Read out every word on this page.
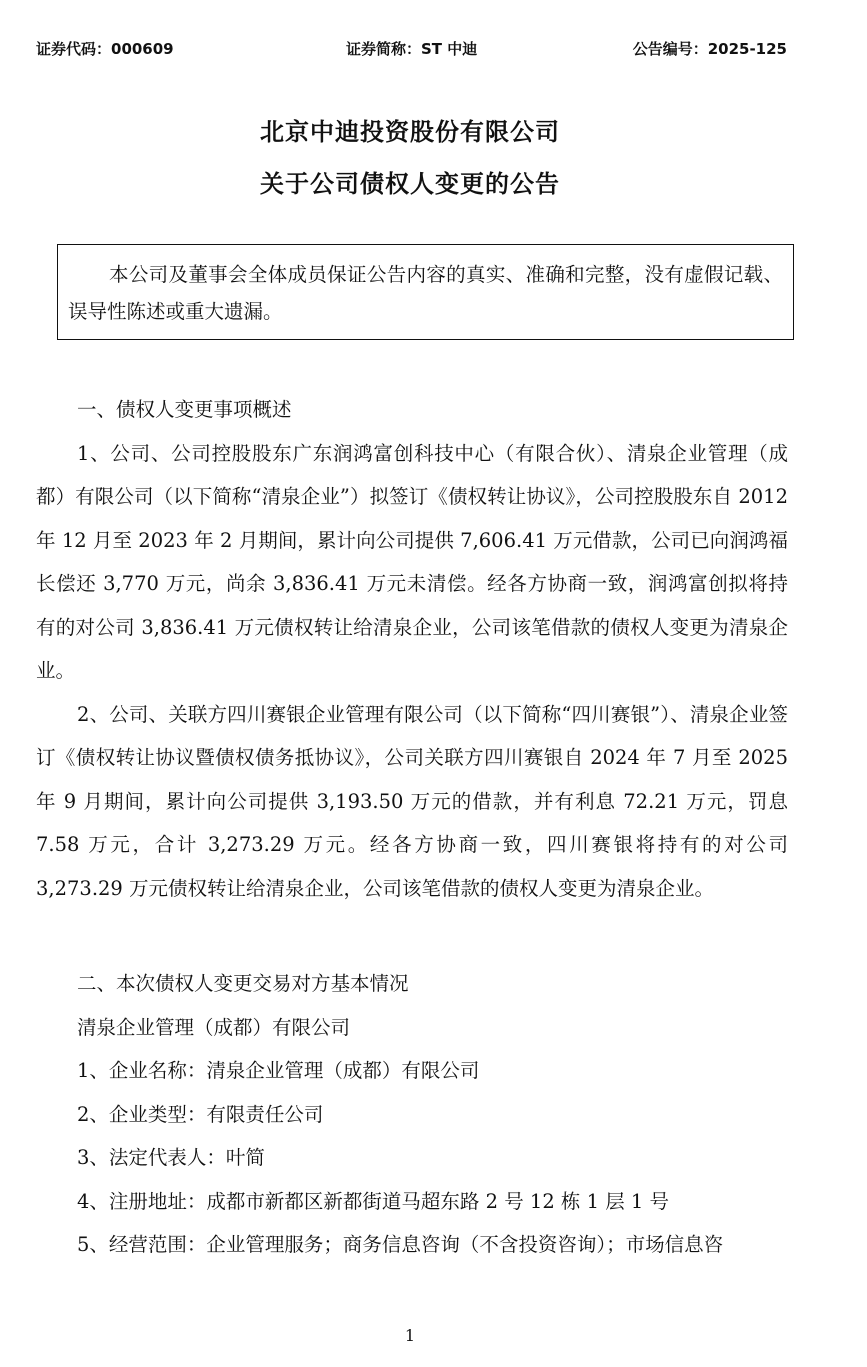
证券代码：000609	证券简称：ST 中迪	公告编号：2025-125
北京中迪投资股份有限公司
关于公司债权人变更的公告

本公司及董事会全体成员保证公告内容的真实、准确和完整，没有虚假记载、误导性陈述或重大遗漏。

一、债权人变更事项概述

1、公司、公司控股股东广东润鸿富创科技中心（有限合伙）、清泉企业管理（成都）有限公司（以下简称“清泉企业”）拟签订《债权转让协议》，公司控股股东自 2012 年 12 月至 2023 年 2 月期间，累计向公司提供 7,606.41 万元借款，公司已向润鸿福长偿还 3,770 万元，尚余 3,836.41 万元未清偿。经各方协商一致，润鸿富创拟将持有的对公司 3,836.41 万元债权转让给清泉企业，公司该笔借款的债权人变更为清泉企业。

2、公司、关联方四川赛银企业管理有限公司（以下简称“四川赛银”）、清泉企业签订《债权转让协议暨债权债务抵协议》，公司关联方四川赛银自 2024 年 7 月至 2025 年 9 月期间，累计向公司提供 3,193.50 万元的借款，并有利息 72.21 万元，罚息 7.58 万元，合计 3,273.29 万元。经各方协商一致，四川赛银将持有的对公司 3,273.29 万元债权转让给清泉企业，公司该笔借款的债权人变更为清泉企业。

二、本次债权人变更交易对方基本情况

清泉企业管理（成都）有限公司

1、企业名称：清泉企业管理（成都）有限公司

2、企业类型：有限责任公司

3、法定代表人：叶简

4、注册地址：成都市新都区新都街道马超东路 2 号 12 栋 1 层 1 号

5、经营范围：企业管理服务；商务信息咨询（不含投资咨询）；市场信息咨

1
